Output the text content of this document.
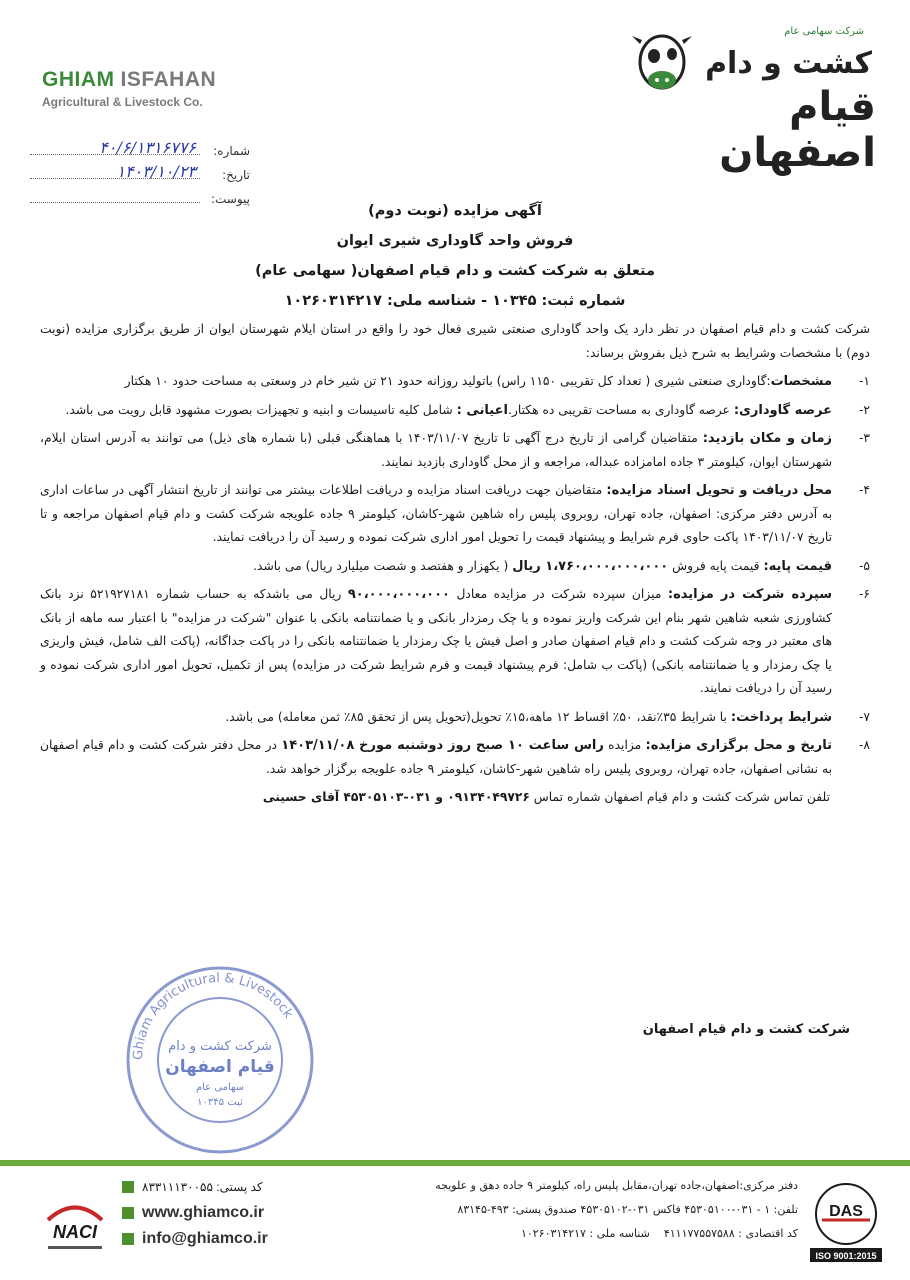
GHIAM ISFAHAN
Agricultural & Livestock Co.
شرکت سهامی عام
کشت و دام
قیام اصفهان
شماره:
۴۰/۶/۱۳۱۶۷۷۶
تاریخ:
۱۴۰۳/۱۰/۲۳
پیوست:
آگهی مزایده (نوبت دوم)
فروش واحد گاوداری شیری ایوان
متعلق به شرکت کشت و دام قیام اصفهان( سهامی عام)
شماره ثبت: ۱۰۳۴۵ - شناسه ملی: ۱۰۲۶۰۳۱۴۲۱۷

شرکت کشت و دام قیام اصفهان در نظر دارد یک واحد گاوداری صنعتی شیری فعال خود را واقع در استان ایلام شهرستان ایوان از طریق برگزاری مزایده (نوبت دوم) با مشخصات وشرایط به شرح ذیل بفروش برساند:

۱-
مشخصات:گاوداری صنعتی شیری ( تعداد کل تقریبی ۱۱۵۰ راس) باتولید روزانه حدود ۲۱ تن شیر خام در وسعتی به مساحت حدود ۱۰ هکتار
۲-
عرصه گاوداری: عرصه گاوداری به مساحت تقریبی ده هکتار.اعیانی : شامل کلیه تاسیسات و ابنیه و تجهیزات بصورت مشهود قابل رویت می باشد.
۳-
زمان و مکان بازدید: متقاضیان گرامی از تاریخ درج آگهی تا تاریخ ۱۴۰۳/۱۱/۰۷ با هماهنگی قبلی (با شماره های ذیل) می توانند به آدرس استان ایلام، شهرستان ایوان، کیلومتر ۳ جاده امامزاده عبداله، مراجعه و از محل گاوداری بازدید نمایند.
۴-
محل دریافت و تحویل اسناد مزایده: متقاضیان جهت دریافت اسناد مزایده و دریافت اطلاعات بیشتر می توانند از تاریخ انتشار آگهی در ساعات اداری به آدرس دفتر مرکزی: اصفهان، جاده تهران، روبروی پلیس راه شاهین شهر-کاشان، کیلومتر ۹ جاده علویجه شرکت کشت و دام قیام اصفهان مراجعه و تا تاریخ ۱۴۰۳/۱۱/۰۷ پاکت حاوی فرم شرایط و پیشنهاد قیمت را تحویل امور اداری شرکت نموده و رسید آن را دریافت نمایند.
۵-
قیمت پایه: قیمت پایه فروش ۱،۷۶۰،۰۰۰،۰۰۰،۰۰۰ ریال ( یکهزار و هفتصد و شصت میلیارد ریال) می باشد.
۶-
سپرده شرکت در مزایده: میزان سپرده شرکت در مزایده معادل ۹۰،۰۰۰،۰۰۰،۰۰۰ ریال می باشدکه به حساب شماره ۵۲۱۹۲۷۱۸۱ نزد بانک کشاورزی شعبه شاهین شهر بنام این شرکت واریز نموده و یا چک رمزدار بانکی و یا ضمانتنامه بانکی با عنوان "شرکت در مزایده" با اعتبار سه ماهه از بانک های معتبر در وجه شرکت کشت و دام قیام اصفهان صادر و اصل فیش یا چک رمزدار یا ضمانتنامه بانکی را در پاکت جداگانه، (پاکت الف شامل، فیش واریزی یا چک رمزدار و یا ضمانتنامه بانکی) (پاکت ب شامل: فرم پیشنهاد قیمت و فرم شرایط شرکت در مزایده) پس از تکمیل، تحویل امور اداری شرکت نموده و رسید آن را دریافت نمایند.
۷-
شرایط پرداخت: با شرایط ۳۵٪نقد، ۵۰٪ اقساط ۱۲ ماهه،۱۵٪ تحویل(تحویل پس از تحقق ۸۵٪ ثمن معامله) می باشد.
۸-
تاریخ و محل برگزاری مزایده: مزایده راس ساعت ۱۰ صبح روز دوشنبه مورخ ۱۴۰۳/۱۱/۰۸ در محل دفتر شرکت کشت و دام قیام اصفهان به نشانی اصفهان، جاده تهران، روبروی پلیس راه شاهین شهر-کاشان، کیلومتر ۹ جاده علویجه برگزار خواهد شد.

تلفن تماس شرکت کشت و دام قیام اصفهان شماره تماس ۰۹۱۳۴۰۴۹۷۲۶ و ۰۳۱-۴۵۳۰۵۱۰۳ آقای حسینی

Ghiam Agricultural & Livestock
شرکت کشت و دام
قیام اصفهان
سهامی عام
ثبت ۱۰۳۴۵
شرکت کشت و دام قیام اصفهان
دفتر مرکزی:اصفهان،جاده تهران،مقابل پلیس راه، کیلومتر ۹ جاده دهق و علویجه
تلفن: ۱ - ۰۳۱-۴۵۳۰۵۱۰۰ فاکس ۰۳۱-۴۵۳۰۵۱۰۲ صندوق پستی: ۴۹۳-۸۳۱۴۵
کد اقتصادی : ۴۱۱۱۷۷۵۵۷۵۸۸    شناسه ملی : ۱۰۲۶۰۳۱۴۲۱۷
کد پستی: ۸۳۳۱۱۱۳۰۰۵۵
www.ghiamco.ir
info@ghiamco.ir
NACI
DAS
ISO 9001:2015
